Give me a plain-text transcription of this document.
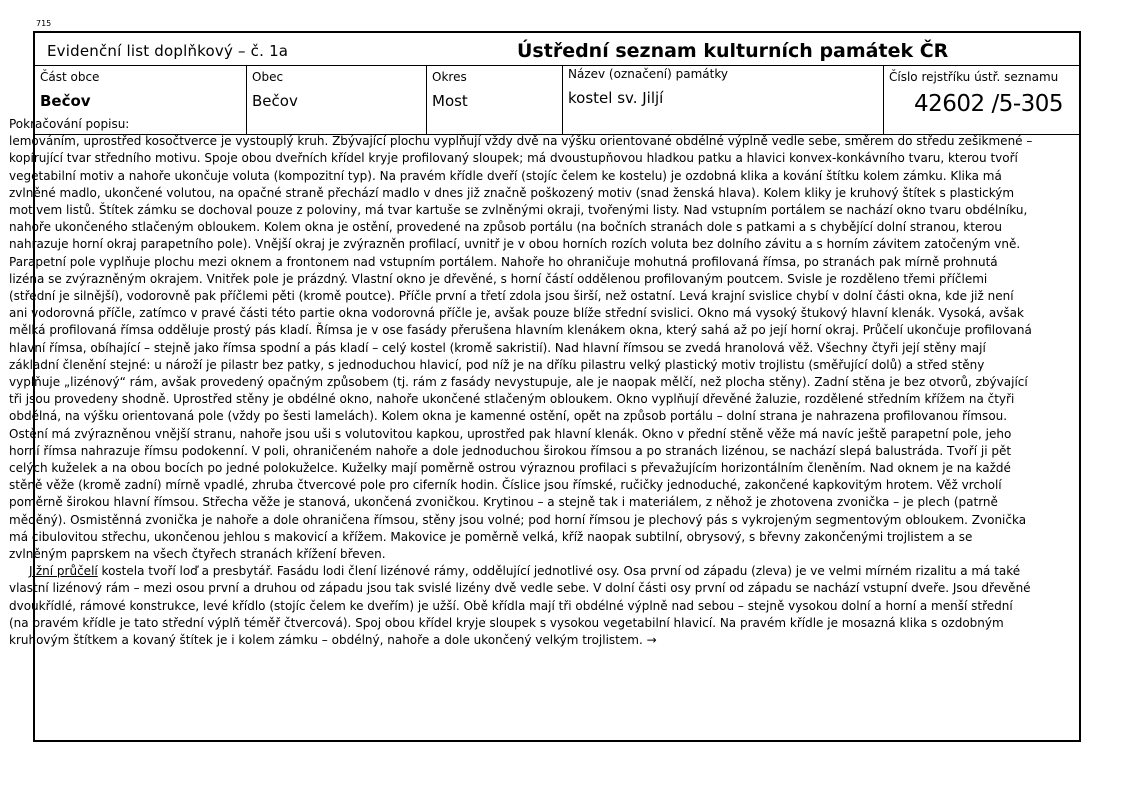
715
Evidenční list doplňkový – č. 1a	Ústřední seznam kulturních památek ČR
Část obce
Bečov
Obec
Bečov
Okres
Most
Název (označení) památky
kostel sv. Jiljí
Číslo rejstříku ústř. seznamu
42602 /5-305

Pokračování popisu:

lemováním, uprostřed kosočtverce je vystouplý kruh. Zbývající plochu vyplňují vždy dvě na výšku orientované obdélné výplně vedle sebe, směrem do středu zešikmené – kopírující tvar středního motivu. Spoje obou dveřních křídel kryje profilovaný sloupek; má dvoustupňovou hladkou patku a hlavici konvex-konkávního tvaru, kterou tvoří vegetabilní motiv a nahoře ukončuje voluta (kompozitní typ). Na pravém křídle dveří (stojíc čelem ke kostelu) je ozdobná klika a kování štítku kolem zámku. Klika má zvlněné madlo, ukončené volutou, na opačné straně přechází madlo v dnes již značně poškozený motiv (snad ženská hlava). Kolem kliky je kruhový štítek s plastickým motivem listů. Štítek zámku se dochoval pouze z poloviny, má tvar kartuše se zvlněnými okraji, tvořenými listy. Nad vstupním portálem se nachází okno tvaru obdélníku, nahoře ukončeného stlačeným obloukem. Kolem okna je ostění, provedené na způsob portálu (na bočních stranách dole s patkami a s chybějící dolní stranou, kterou nahrazuje horní okraj parapetního pole). Vnější okraj je zvýrazněn profilací, uvnitř je v obou horních rozích voluta bez dolního závitu a s horním závitem zatočeným vně. Parapetní pole vyplňuje plochu mezi oknem a frontonem nad vstupním portálem. Nahoře ho ohraničuje mohutná profilovaná římsa, po stranách pak mírně prohnutá lizéna se zvýrazněným okrajem. Vnitřek pole je prázdný. Vlastní okno je dřevěné, s horní částí oddělenou profilovaným poutcem. Svisle je rozděleno třemi příčlemi (střední je silnější), vodorovně pak příčlemi pěti (kromě poutce). Příčle první a třetí zdola jsou širší, než ostatní. Levá krajní svislice chybí v dolní části okna, kde již není ani vodorovná příčle, zatímco v pravé části této partie okna vodorovná příčle je, avšak pouze blíže střední svislici. Okno má vysoký štukový hlavní klenák. Vysoká, avšak mělká profilovaná římsa odděluje prostý pás kladí. Římsa je v ose fasády přerušena hlavním klenákem okna, který sahá až po její horní okraj. Průčelí ukončuje profilovaná hlavní římsa, obíhající – stejně jako římsa spodní a pás kladí – celý kostel (kromě sakristií). Nad hlavní římsou se zvedá hranolová věž. Všechny čtyři její stěny mají základní členění stejné: u nároží je pilastr bez patky, s jednoduchou hlavicí, pod níž je na dříku pilastru velký plastický motiv trojlistu (směřující dolů) a střed stěny vyplňuje „lizénový“ rám, avšak provedený opačným způsobem (tj. rám z fasády nevystupuje, ale je naopak mělčí, než plocha stěny). Zadní stěna je bez otvorů, zbývající tři jsou provedeny shodně. Uprostřed stěny je obdélné okno, nahoře ukončené stlačeným obloukem. Okno vyplňují dřevěné žaluzie, rozdělené středním křížem na čtyři obdélná, na výšku orientovaná pole (vždy po šesti lamelách). Kolem okna je kamenné ostění, opět na způsob portálu – dolní strana je nahrazena profilovanou římsou. Ostění má zvýrazněnou vnější stranu, nahoře jsou uši s volutovitou kapkou, uprostřed pak hlavní klenák. Okno v přední stěně věže má navíc ještě parapetní pole, jeho horní římsa nahrazuje římsu podokenní. V poli, ohraničeném nahoře a dole jednoduchou širokou římsou a po stranách lizénou, se nachází slepá balustráda. Tvoří ji pět celých kuželek a na obou bocích po jedné polokuželce. Kuželky mají poměrně ostrou výraznou profilaci s převažujícím horizontálním členěním. Nad oknem je na každé stěně věže (kromě zadní) mírně vpadlé, zhruba čtvercové pole pro ciferník hodin. Číslice jsou římské, ručičky jednoduché, zakončené kapkovitým hrotem. Věž vrcholí poměrně širokou hlavní římsou. Střecha věže je stanová, ukončená zvoničkou. Krytinou – a stejně tak i materiálem, z něhož je zhotovena zvonička – je plech (patrně měděný). Osmistěnná zvonička je nahoře a dole ohraničena římsou, stěny jsou volné; pod horní římsou je plechový pás s vykrojeným segmentovým obloukem. Zvonička má cibulovitou střechu, ukončenou jehlou s makovicí a křížem. Makovice je poměrně velká, kříž naopak subtilní, obrysový, s břevny zakončenými trojlistem a se zvlněným paprskem na všech čtyřech stranách křížení břeven.

Jižní průčelí kostela tvoří loď a presbytář. Fasádu lodi člení lizénové rámy, oddělující jednotlivé osy. Osa první od západu (zleva) je ve velmi mírném rizalitu a má také vlastní lizénový rám – mezi osou první a druhou od západu jsou tak svislé lizény dvě vedle sebe. V dolní části osy první od západu se nachází vstupní dveře. Jsou dřevěné dvoukřídlé, rámové konstrukce, levé křídlo (stojíc čelem ke dveřím) je užší. Obě křídla mají tři obdélné výplně nad sebou – stejně vysokou dolní a horní a menší střední (na pravém křídle je tato střední výplň téměř čtvercová). Spoj obou křídel kryje sloupek s vysokou vegetabilní hlavicí. Na pravém křídle je mosazná klika s ozdobným kruhovým štítkem a kovaný štítek je i kolem zámku – obdélný, nahoře a dole ukončený velkým trojlistem. →
